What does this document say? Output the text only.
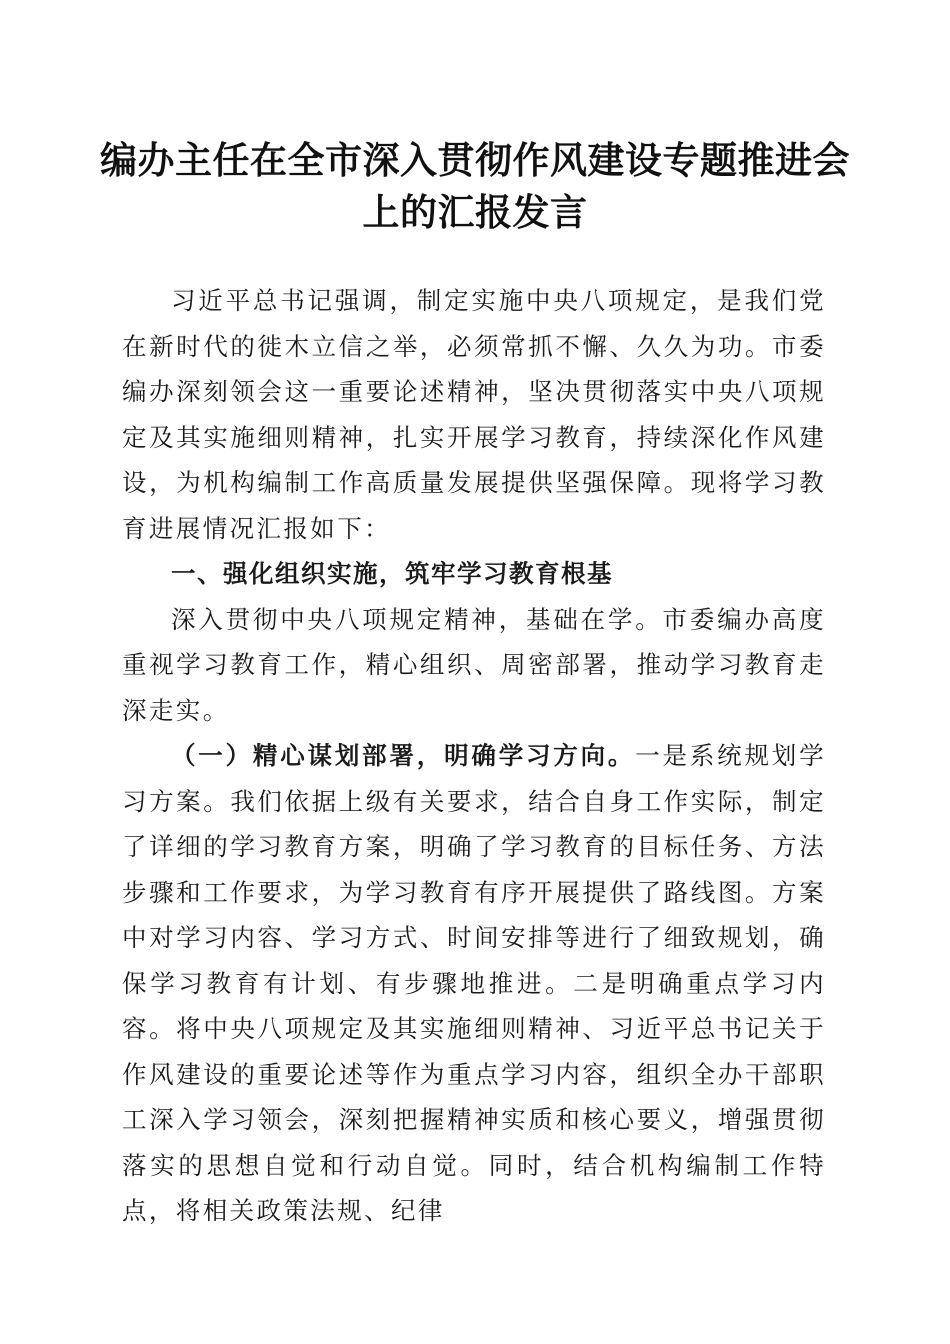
编办主任在全市深入贯彻作风建设专题推进会
上的汇报发言

习近平总书记强调，制定实施中央八项规定，是我们党在新时代的徙木立信之举，必须常抓不懈、久久为功。市委编办深刻领会这一重要论述精神，坚决贯彻落实中央八项规定及其实施细则精神，扎实开展学习教育，持续深化作风建设，为机构编制工作高质量发展提供坚强保障。现将学习教育进展情况汇报如下：

一、强化组织实施，筑牢学习教育根基

深入贯彻中央八项规定精神，基础在学。市委编办高度重视学习教育工作，精心组织、周密部署，推动学习教育走深走实。

（一）精心谋划部署，明确学习方向。一是系统规划学习方案。我们依据上级有关要求，结合自身工作实际，制定了详细的学习教育方案，明确了学习教育的目标任务、方法步骤和工作要求，为学习教育有序开展提供了路线图。方案中对学习内容、学习方式、时间安排等进行了细致规划，确保学习教育有计划、有步骤地推进。二是明确重点学习内容。将中央八项规定及其实施细则精神、习近平总书记关于作风建设的重要论述等作为重点学习内容，组织全办干部职工深入学习领会，深刻把握精神实质和核心要义，增强贯彻落实的思想自觉和行动自觉。同时，结合机构编制工作特点，将相关政策法规、纪律
